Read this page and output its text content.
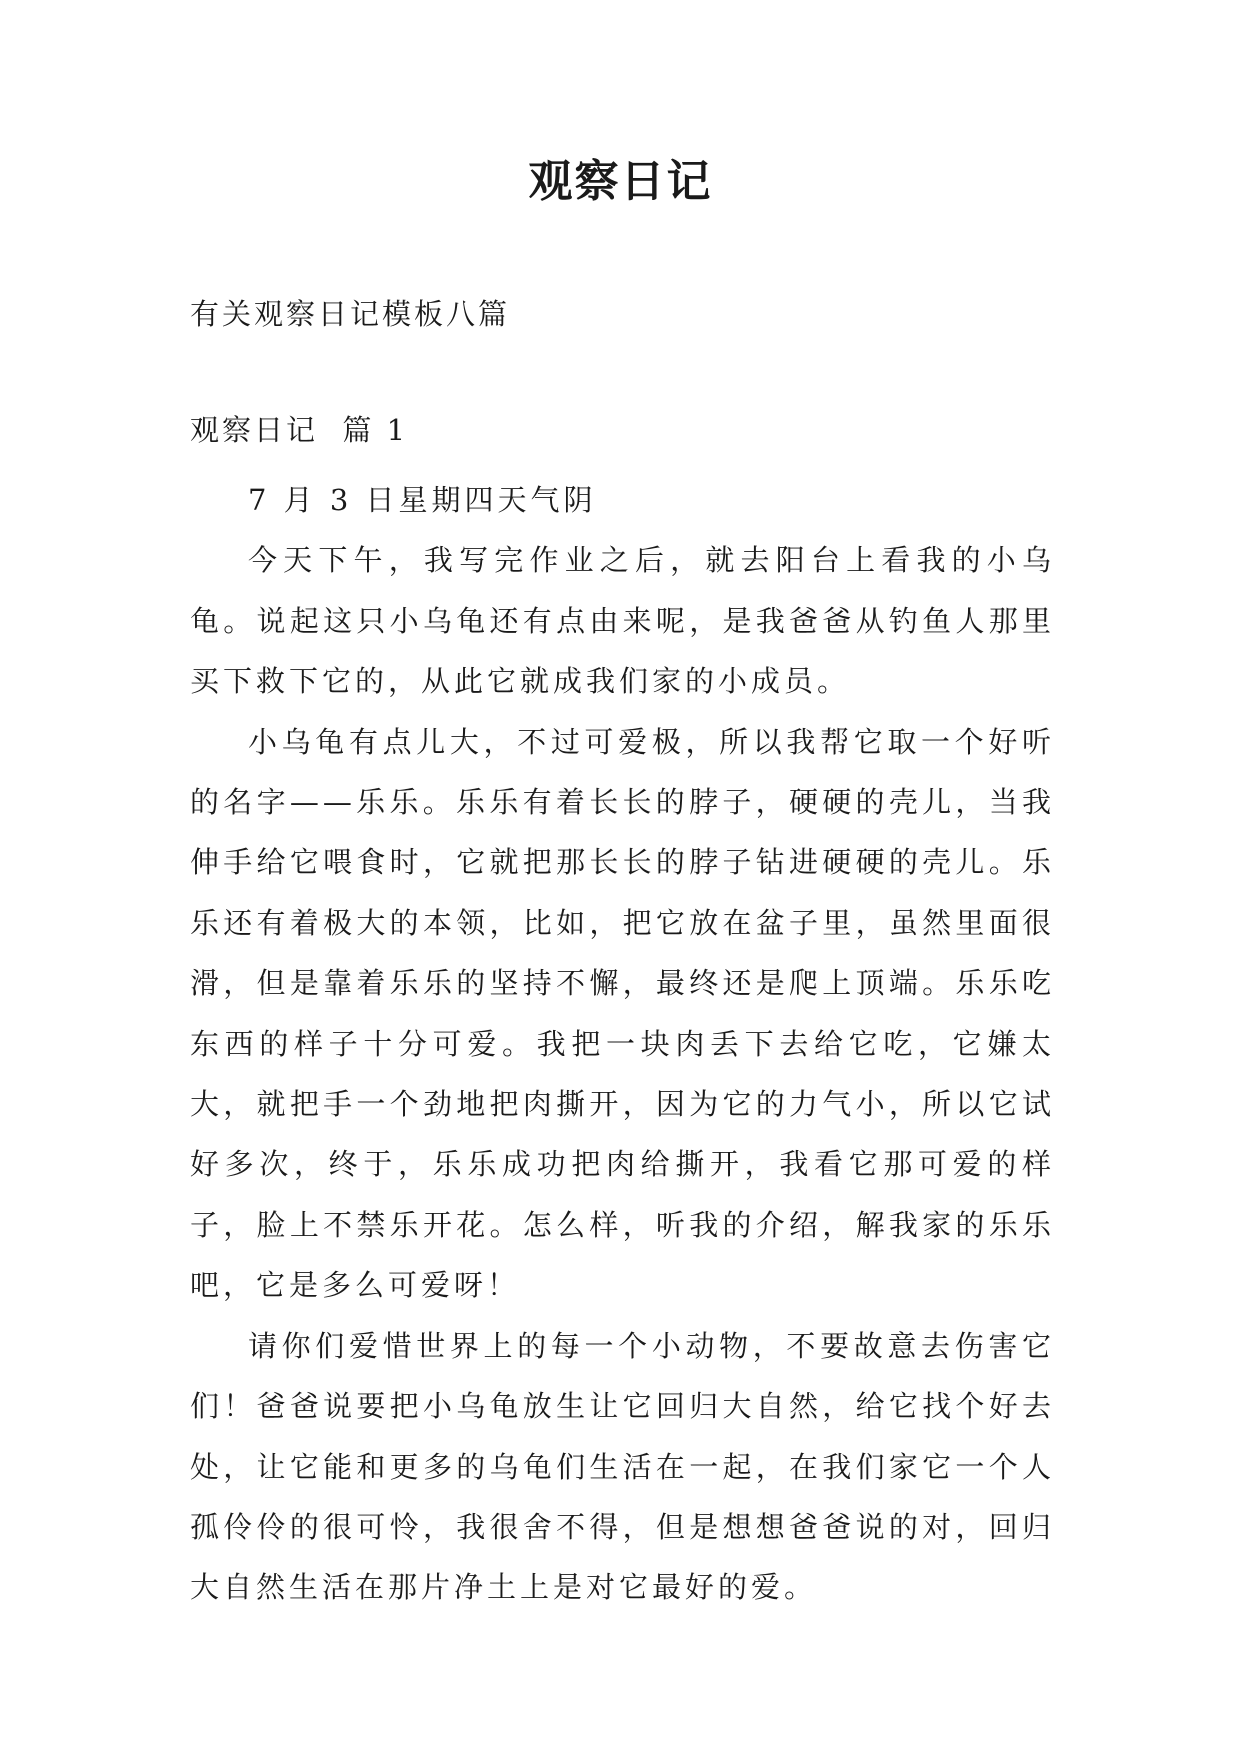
观察日记
有关观察日记模板八篇
观察日记  篇 1

7 月 3 日星期四天气阴

今天下午，我写完作业之后，就去阳台上看我的小乌龟。说起这只小乌龟还有点由来呢，是我爸爸从钓鱼人那里买下救下它的，从此它就成我们家的小成员。

小乌龟有点儿大，不过可爱极，所以我帮它取一个好听的名字——乐乐。乐乐有着长长的脖子，硬硬的壳儿，当我伸手给它喂食时，它就把那长长的脖子钻进硬硬的壳儿。乐乐还有着极大的本领，比如，把它放在盆子里，虽然里面很滑，但是靠着乐乐的坚持不懈，最终还是爬上顶端。乐乐吃东西的样子十分可爱。我把一块肉丢下去给它吃，它嫌太大，就把手一个劲地把肉撕开，因为它的力气小，所以它试好多次，终于，乐乐成功把肉给撕开，我看它那可爱的样子，脸上不禁乐开花。怎么样，听我的介绍，解我家的乐乐吧，它是多么可爱呀！

请你们爱惜世界上的每一个小动物，不要故意去伤害它们！爸爸说要把小乌龟放生让它回归大自然，给它找个好去处，让它能和更多的乌龟们生活在一起，在我们家它一个人孤伶伶的很可怜，我很舍不得，但是想想爸爸说的对，回归大自然生活在那片净土上是对它最好的爱。
